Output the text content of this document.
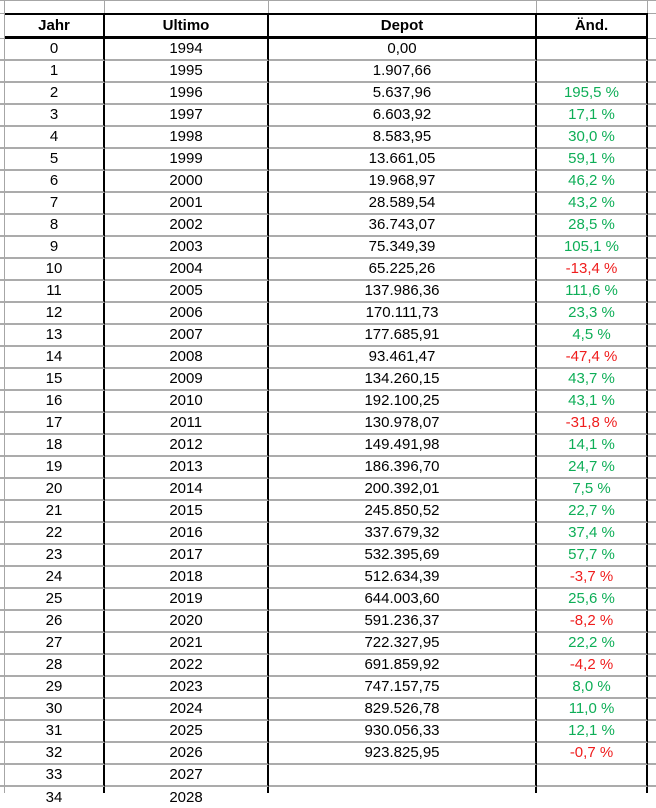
Jahr	Ultimo	Depot	Änd.
0	1994	0,00
1	1995	1.907,66
2	1996	5.637,96	195,5 %
3	1997	6.603,92	17,1 %
4	1998	8.583,95	30,0 %
5	1999	13.661,05	59,1 %
6	2000	19.968,97	46,2 %
7	2001	28.589,54	43,2 %
8	2002	36.743,07	28,5 %
9	2003	75.349,39	105,1 %
10	2004	65.225,26	-13,4 %
11	2005	137.986,36	111,6 %
12	2006	170.111,73	23,3 %
13	2007	177.685,91	4,5 %
14	2008	93.461,47	-47,4 %
15	2009	134.260,15	43,7 %
16	2010	192.100,25	43,1 %
17	2011	130.978,07	-31,8 %
18	2012	149.491,98	14,1 %
19	2013	186.396,70	24,7 %
20	2014	200.392,01	7,5 %
21	2015	245.850,52	22,7 %
22	2016	337.679,32	37,4 %
23	2017	532.395,69	57,7 %
24	2018	512.634,39	-3,7 %
25	2019	644.003,60	25,6 %
26	2020	591.236,37	-8,2 %
27	2021	722.327,95	22,2 %
28	2022	691.859,92	-4,2 %
29	2023	747.157,75	8,0 %
30	2024	829.526,78	11,0 %
31	2025	930.056,33	12,1 %
32	2026	923.825,95	-0,7 %
33	2027
34	2028
